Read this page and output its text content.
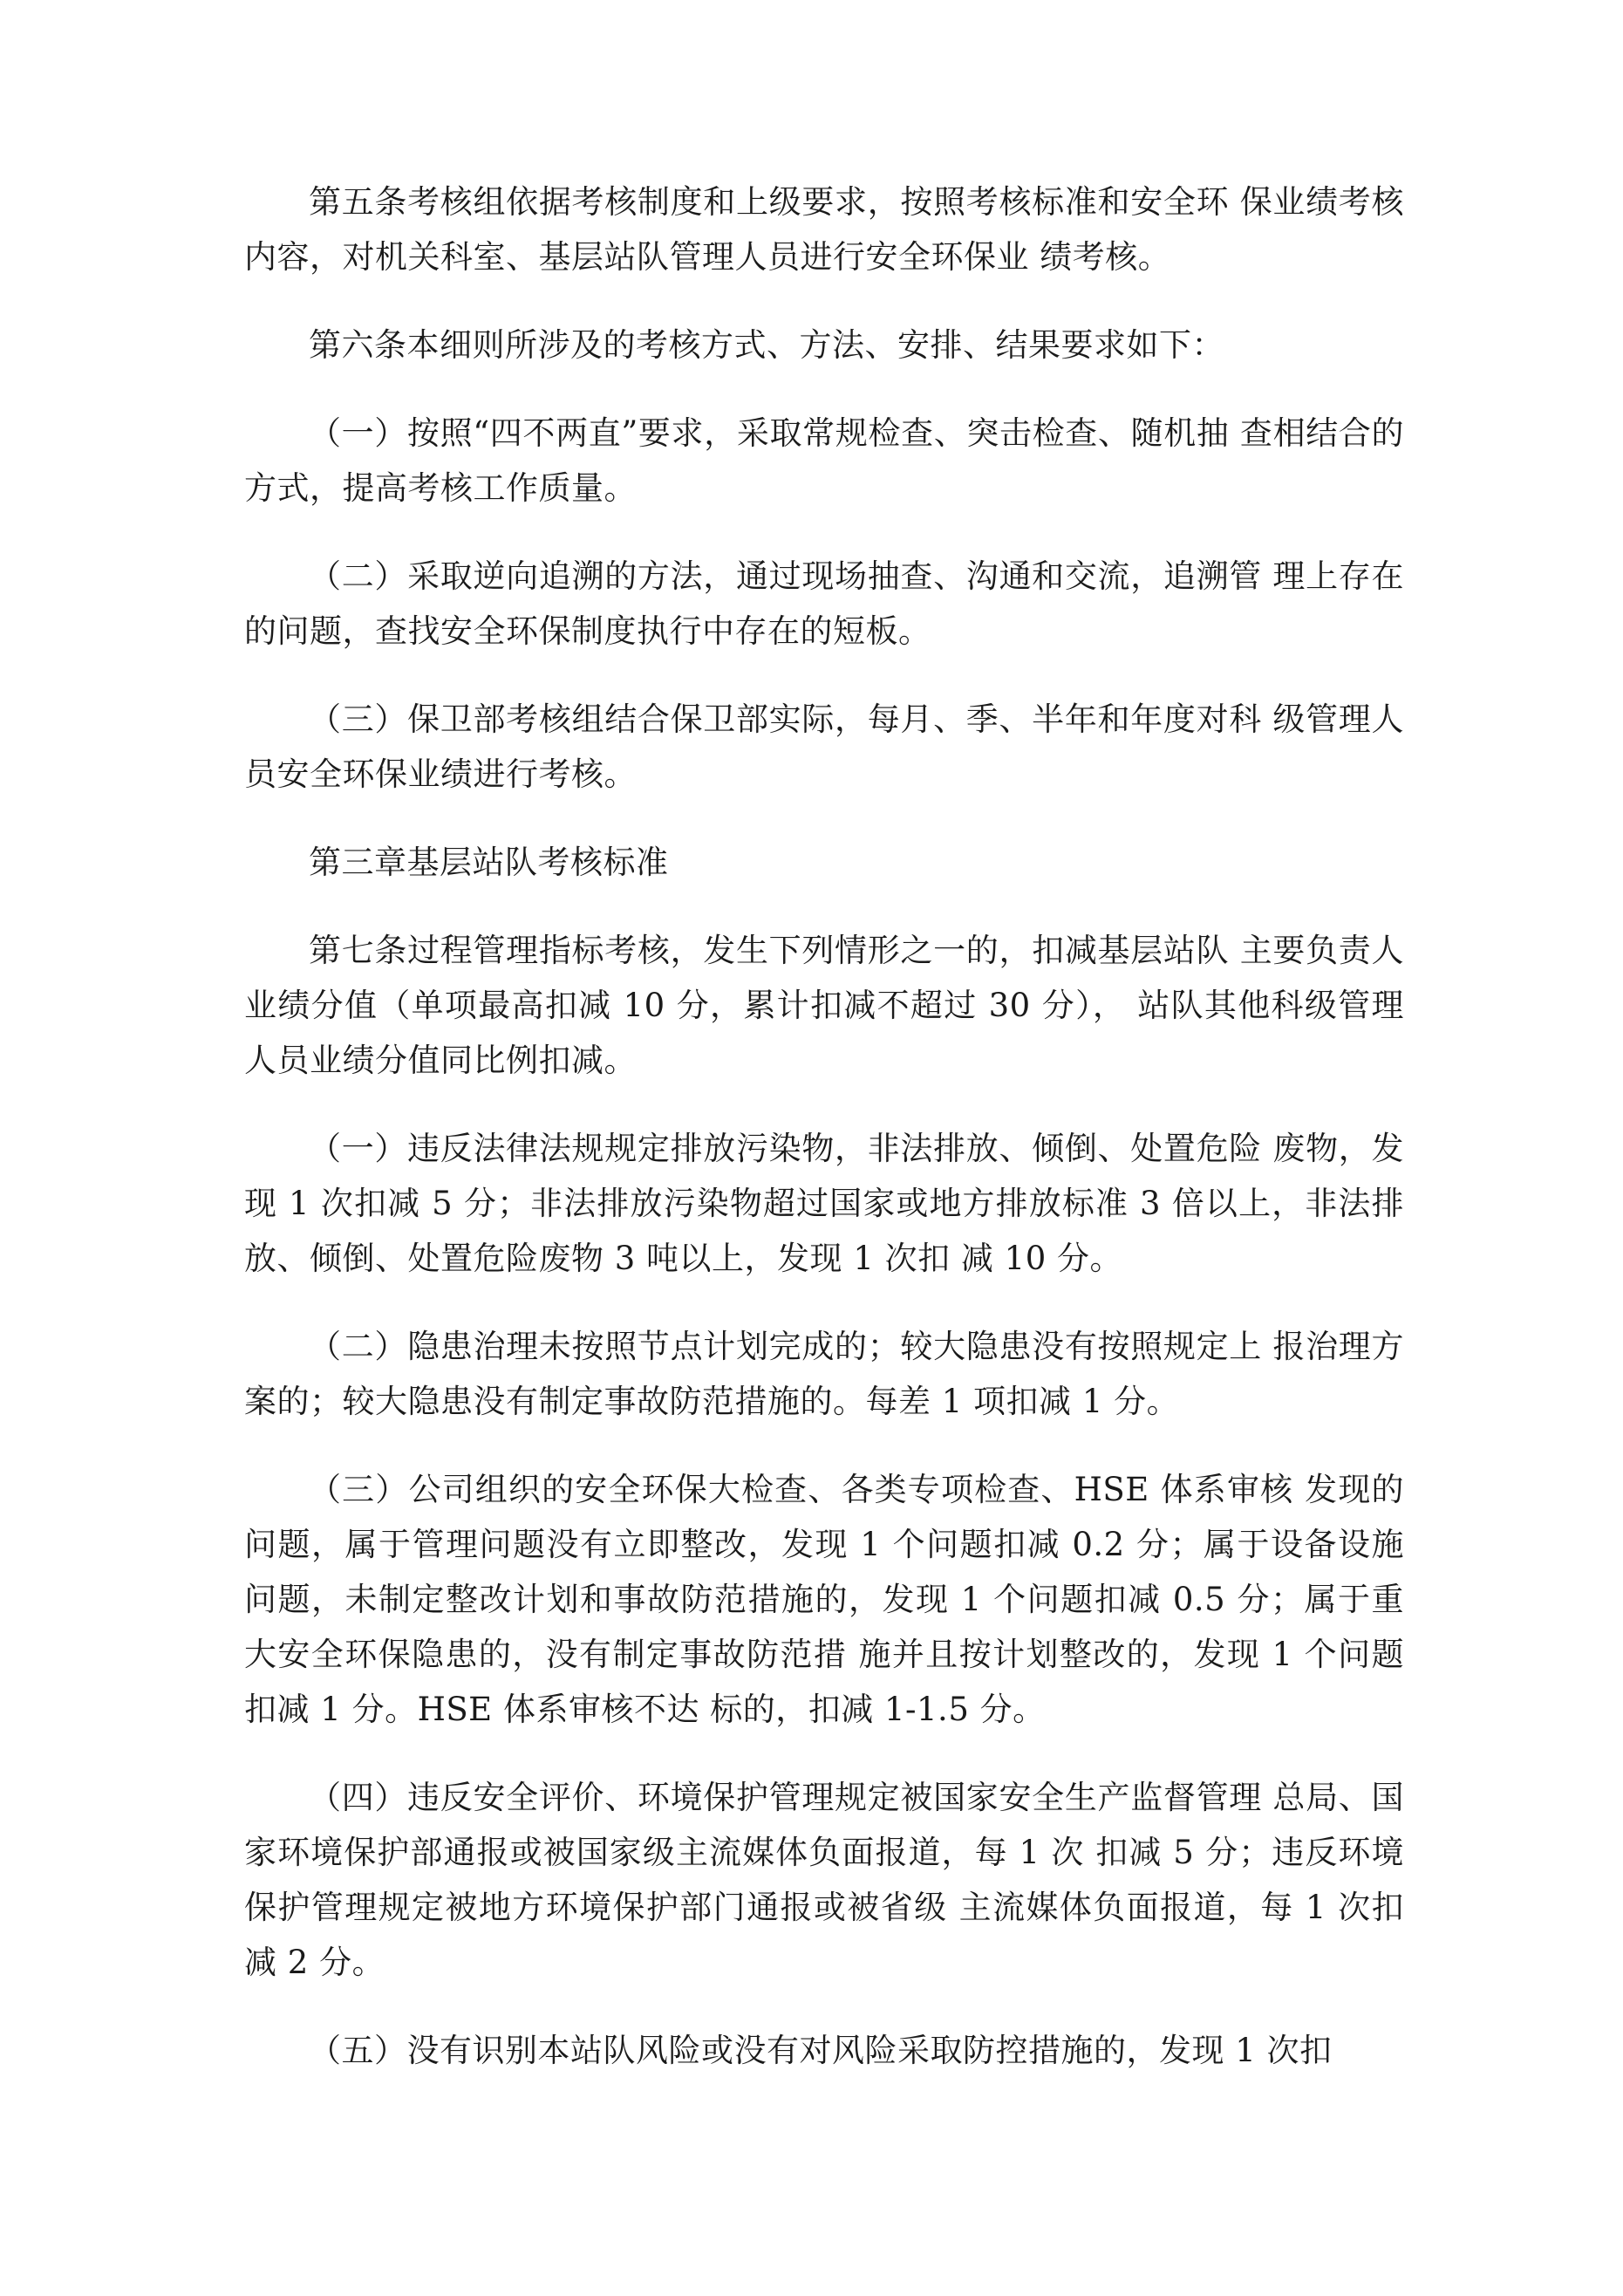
第五条考核组依据考核制度和上级要求，按照考核标准和安全环 保业绩考核内容，对机关科室、基层站队管理人员进行安全环保业 绩考核。

第六条本细则所涉及的考核方式、方法、安排、结果要求如下：

（一）按照“四不两直”要求，采取常规检查、突击检查、随机抽 查相结合的方式，提高考核工作质量。

（二）采取逆向追溯的方法，通过现场抽查、沟通和交流，追溯管 理上存在的问题，查找安全环保制度执行中存在的短板。

（三）保卫部考核组结合保卫部实际，每月、季、半年和年度对科 级管理人员安全环保业绩进行考核。

第三章基层站队考核标准

第七条过程管理指标考核，发生下列情形之一的，扣减基层站队 主要负责人业绩分值（单项最高扣减 10 分，累计扣减不超过 30 分）， 站队其他科级管理人员业绩分值同比例扣减。

（一）违反法律法规规定排放污染物，非法排放、倾倒、处置危险 废物，发现 1 次扣减 5 分；非法排放污染物超过国家或地方排放标准 3 倍以上，非法排放、倾倒、处置危险废物 3 吨以上，发现 1 次扣 减 10 分。

（二）隐患治理未按照节点计划完成的；较大隐患没有按照规定上 报治理方案的；较大隐患没有制定事故防范措施的。每差 1 项扣减 1 分。

（三）公司组织的安全环保大检查、各类专项检查、HSE 体系审核 发现的问题，属于管理问题没有立即整改，发现 1 个问题扣减 0.2 分；属于设备设施问题，未制定整改计划和事故防范措施的，发现 1 个问题扣减 0.5 分；属于重大安全环保隐患的，没有制定事故防范措 施并且按计划整改的，发现 1 个问题扣减 1 分。HSE 体系审核不达 标的，扣减 1-1.5 分。

（四）违反安全评价、环境保护管理规定被国家安全生产监督管理 总局、国家环境保护部通报或被国家级主流媒体负面报道，每 1 次 扣减 5 分；违反环境保护管理规定被地方环境保护部门通报或被省级 主流媒体负面报道，每 1 次扣减 2 分。

（五）没有识别本站队风险或没有对风险采取防控措施的，发现 1 次扣
